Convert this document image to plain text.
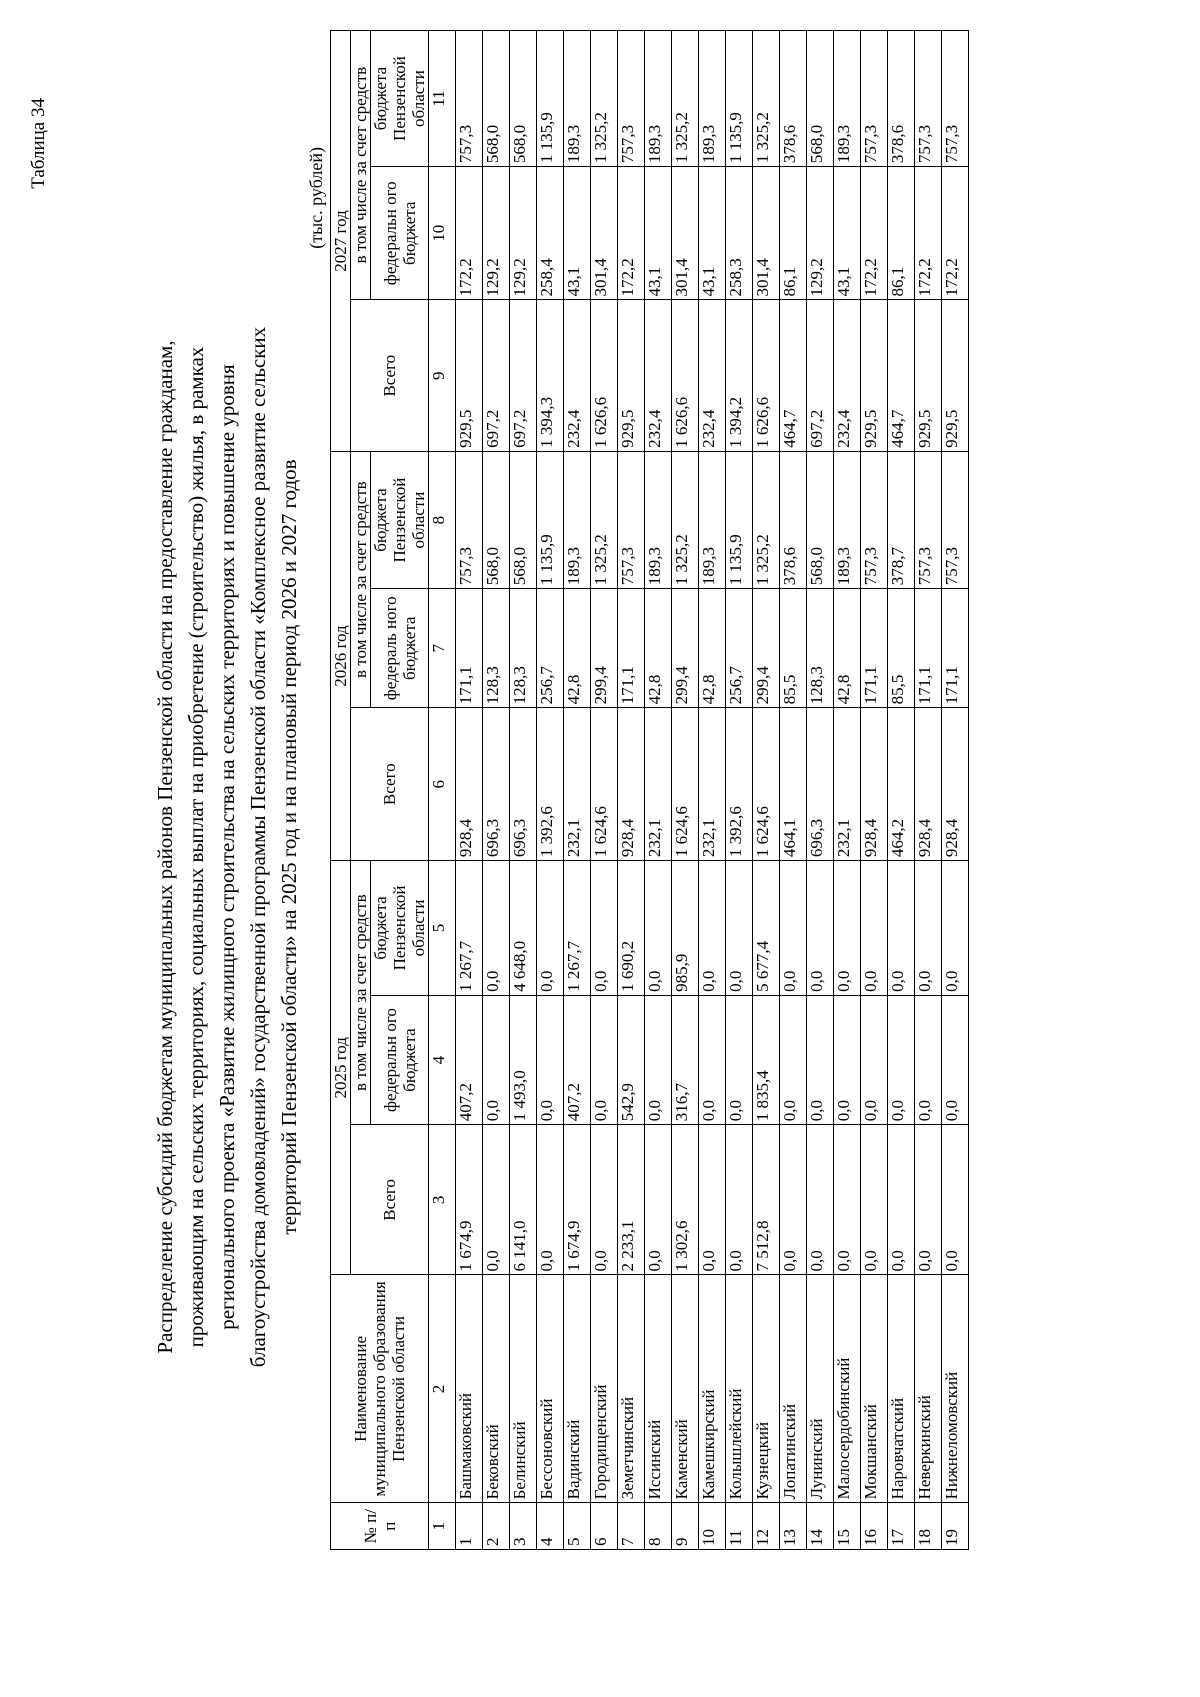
Таблица 34
Распределение субсидий бюджетам муниципальных районов Пензенской области на предоставление гражданам, проживающим на сельских территориях, социальных выплат на приобретение (строительство) жилья, в рамках регионального проекта «Развитие жилищного строительства на сельских территориях и повышение уровня благоустройства домовладений» государственной программы Пензенской области «Комплексное развитие сельских территорий Пензенской области» на 2025 год и на плановый период 2026 и 2027 годов
(тыс. рублей)
№ п/п	Наименование муниципального образования Пензенской области	2025 год			2026 год			2027 год		
		Всего	в том числе за счет средств		Всего	в том числе за счет средств		Всего	в том числе за счет средств	
			федеральн ого бюджета	бюджета Пензенской области		федераль ного бюджета	бюджета Пензенской области		федеральн ого бюджета	бюджета Пензенской области
1	2	3	4	5	6	7	8	9	10	11
1	Башмаковский	1 674,9	407,2	1 267,7	928,4	171,1	757,3	929,5	172,2	757,3
2	Бековский	0,0	0,0	0,0	696,3	128,3	568,0	697,2	129,2	568,0
3	Белинский	6 141,0	1 493,0	4 648,0	696,3	128,3	568,0	697,2	129,2	568,0
4	Бессоновский	0,0	0,0	0,0	1 392,6	256,7	1 135,9	1 394,3	258,4	1 135,9
5	Вадинский	1 674,9	407,2	1 267,7	232,1	42,8	189,3	232,4	43,1	189,3
6	Городищенский	0,0	0,0	0,0	1 624,6	299,4	1 325,2	1 626,6	301,4	1 325,2
7	Земетчинский	2 233,1	542,9	1 690,2	928,4	171,1	757,3	929,5	172,2	757,3
8	Иссинский	0,0	0,0	0,0	232,1	42,8	189,3	232,4	43,1	189,3
9	Каменский	1 302,6	316,7	985,9	1 624,6	299,4	1 325,2	1 626,6	301,4	1 325,2
10	Камешкирский	0,0	0,0	0,0	232,1	42,8	189,3	232,4	43,1	189,3
11	Колышлейский	0,0	0,0	0,0	1 392,6	256,7	1 135,9	1 394,2	258,3	1 135,9
12	Кузнецкий	7 512,8	1 835,4	5 677,4	1 624,6	299,4	1 325,2	1 626,6	301,4	1 325,2
13	Лопатинский	0,0	0,0	0,0	464,1	85,5	378,6	464,7	86,1	378,6
14	Лунинский	0,0	0,0	0,0	696,3	128,3	568,0	697,2	129,2	568,0
15	Малосердобинский	0,0	0,0	0,0	232,1	42,8	189,3	232,4	43,1	189,3
16	Мокшанский	0,0	0,0	0,0	928,4	171,1	757,3	929,5	172,2	757,3
17	Наровчатский	0,0	0,0	0,0	464,2	85,5	378,7	464,7	86,1	378,6
18	Неверкинский	0,0	0,0	0,0	928,4	171,1	757,3	929,5	172,2	757,3
19	Нижнеломовский	0,0	0,0	0,0	928,4	171,1	757,3	929,5	172,2	757,3
